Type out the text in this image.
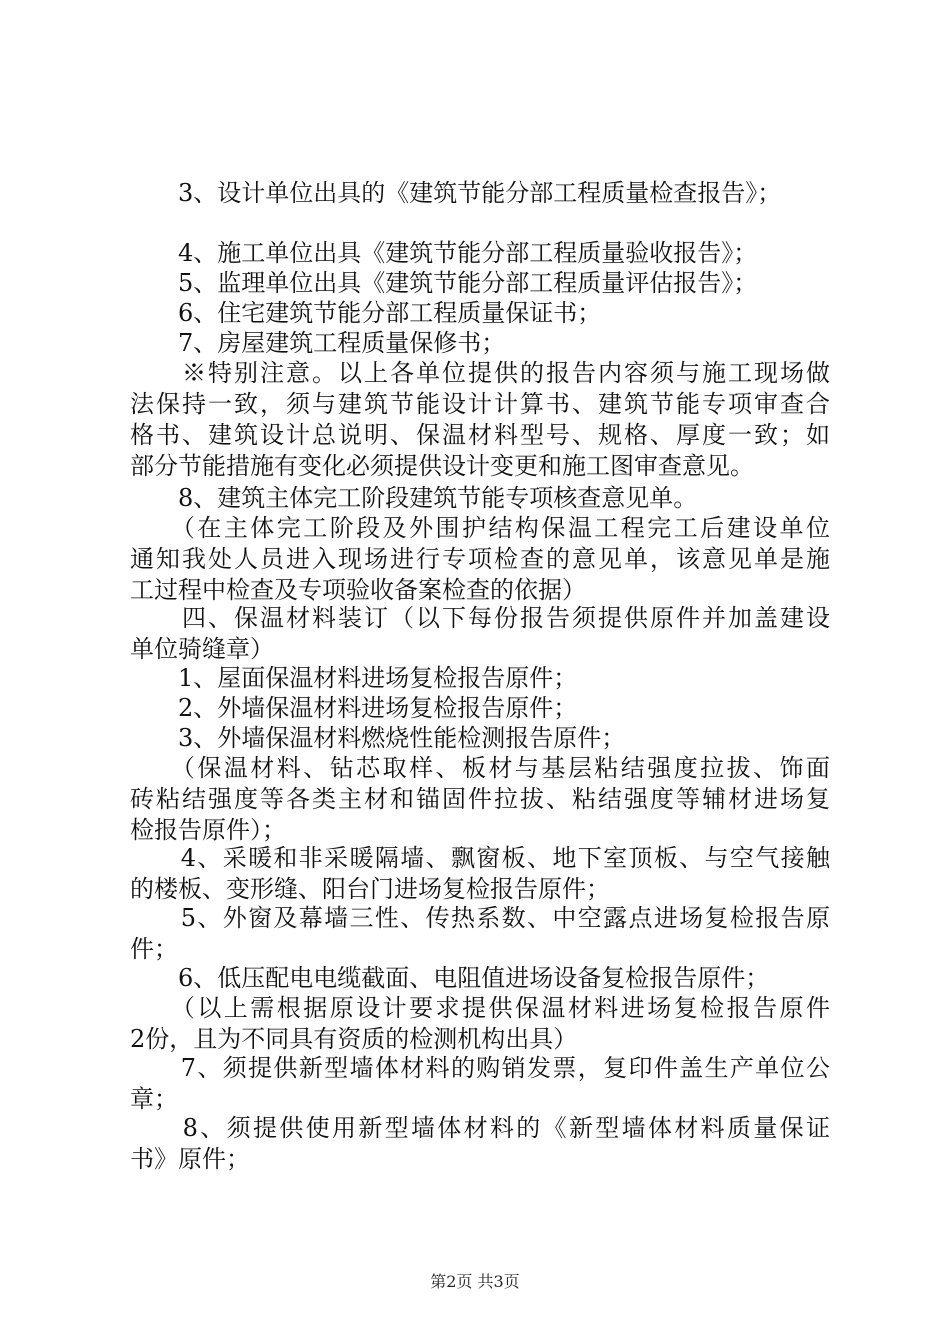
　　3、设计单位出具的《建筑节能分部工程质量检查报告》；
　　4、施工单位出具《建筑节能分部工程质量验收报告》；
　　5、监理单位出具《建筑节能分部工程质量评估报告》；
　　6、住宅建筑节能分部工程质量保证书；
　　7、房屋建筑工程质量保修书；
　　※特别注意。以上各单位提供的报告内容须与施工现场做
法保持一致，须与建筑节能设计计算书、建筑节能专项审查合
格书、建筑设计总说明、保温材料型号、规格、厚度一致；如
部分节能措施有变化必须提供设计变更和施工图审查意见。
　　8、建筑主体完工阶段建筑节能专项核查意见单。
　　（在主体完工阶段及外围护结构保温工程完工后建设单位
通知我处人员进入现场进行专项检查的意见单，该意见单是施
工过程中检查及专项验收备案检查的依据）
　　四、保温材料装订（以下每份报告须提供原件并加盖建设
单位骑缝章）
　　1、屋面保温材料进场复检报告原件；
　　2、外墙保温材料进场复检报告原件；
　　3、外墙保温材料燃烧性能检测报告原件；
　　（保温材料、钻芯取样、板材与基层粘结强度拉拔、饰面
砖粘结强度等各类主材和锚固件拉拔、粘结强度等辅材进场复
检报告原件）；
　　4、采暖和非采暖隔墙、飘窗板、地下室顶板、与空气接触
的楼板、变形缝、阳台门进场复检报告原件；
　　5、外窗及幕墙三性、传热系数、中空露点进场复检报告原
件；
　　6、低压配电电缆截面、电阻值进场设备复检报告原件；
　　（以上需根据原设计要求提供保温材料进场复检报告原件
2份，且为不同具有资质的检测机构出具）
　　7、须提供新型墙体材料的购销发票，复印件盖生产单位公
章；
　　8、须提供使用新型墙体材料的《新型墙体材料质量保证
书》原件；
第2页 共3页
